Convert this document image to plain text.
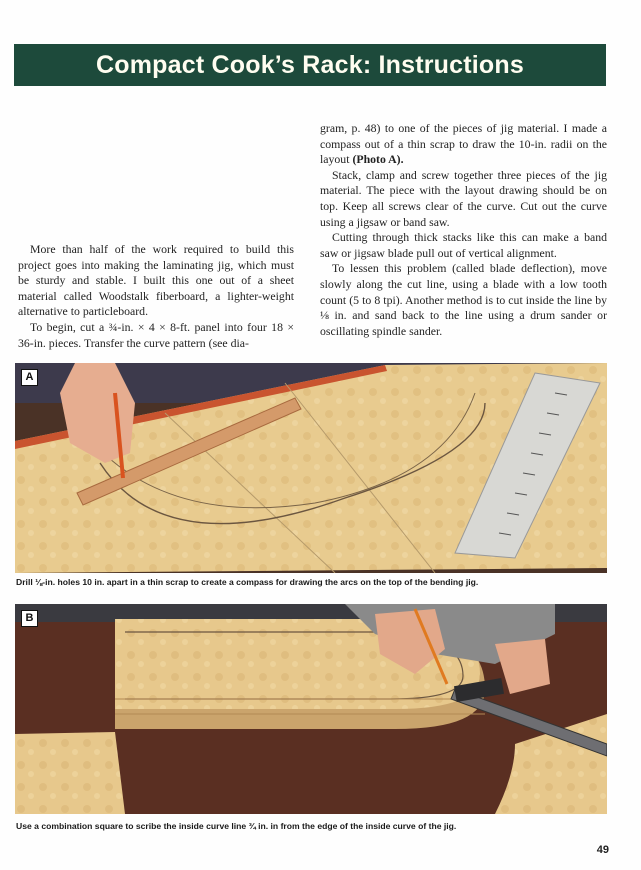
Compact Cook’s Rack: Instructions

More than half of the work required to build this project goes into making the laminating jig, which must be sturdy and stable. I built this one out of a sheet material called Woodstalk fiberboard, a lighter-weight alternative to particleboard.

To begin, cut a ¾-in. × 4 × 8-ft. panel into four 18 × 36-in. pieces. Transfer the curve pattern (see dia-

gram, p. 48) to one of the pieces of jig material. I made a compass out of a thin scrap to draw the 10-in. radii on the layout (Photo A).

Stack, clamp and screw together three pieces of the jig material. The piece with the layout drawing should be on top. Keep all screws clear of the curve. Cut out the curve using a jigsaw or band saw.

Cutting through thick stacks like this can make a band saw or jigsaw blade pull out of vertical alignment.

To lessen this problem (called blade deflection), move slowly along the cut line, using a blade with a low tooth count (5 to 8 tpi). Another method is to cut inside the line by ⅛ in. and sand back to the line using a drum sander or oscillating spindle sander.

A
Drill ⅛-in. holes 10 in. apart in a thin scrap to create a compass for drawing the arcs on the top of the bending jig.
B
Use a combination square to scribe the inside curve line ¾ in. in from the edge of the inside curve of the jig.
49
